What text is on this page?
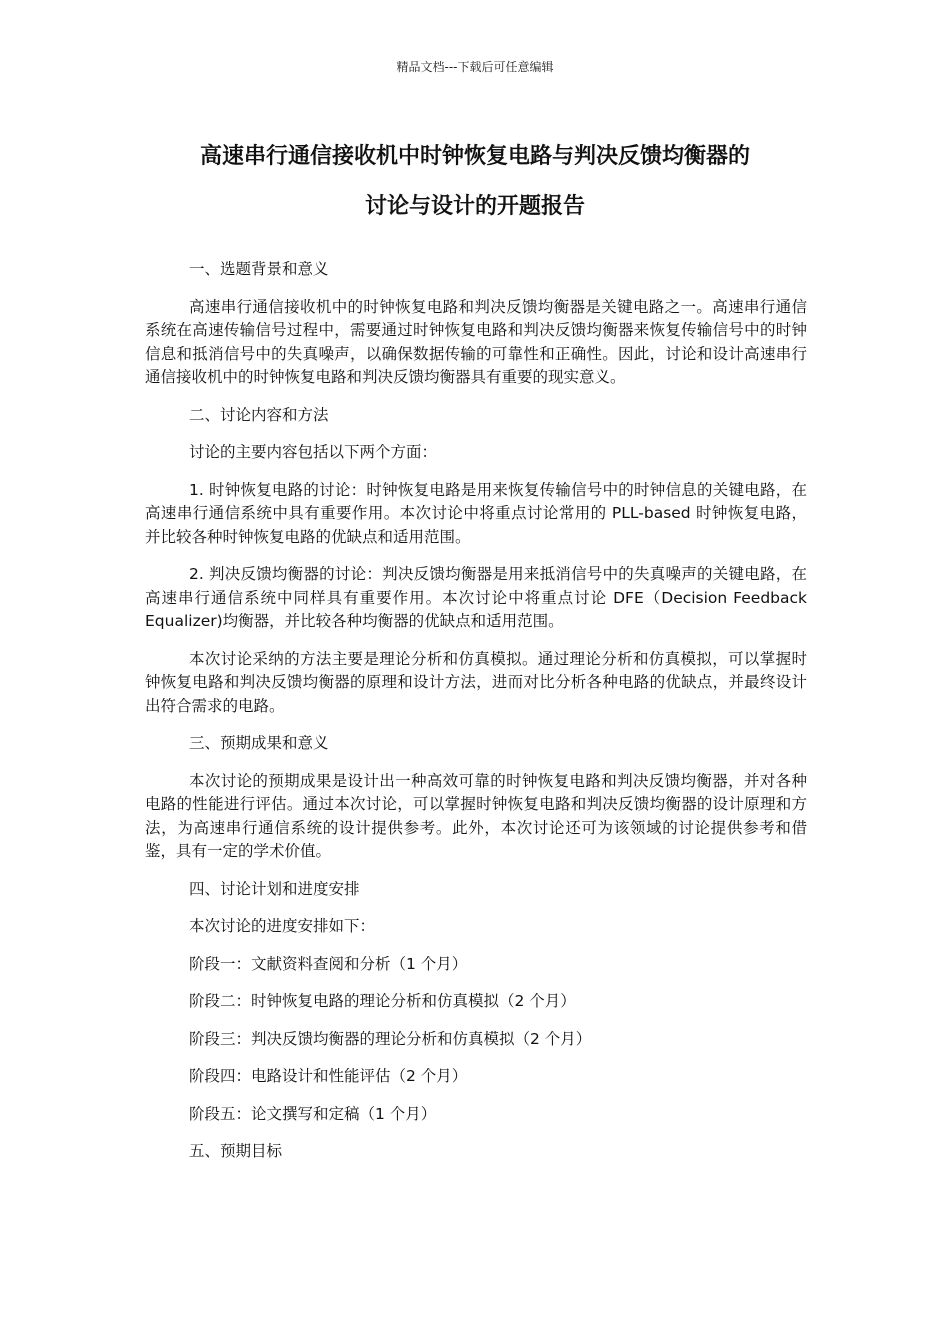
精品文档---下载后可任意编辑
高速串行通信接收机中时钟恢复电路与判决反馈均衡器的
讨论与设计的开题报告

一、选题背景和意义

高速串行通信接收机中的时钟恢复电路和判决反馈均衡器是关键电路之一。高速串行通信系统在高速传输信号过程中，需要通过时钟恢复电路和判决反馈均衡器来恢复传输信号中的时钟信息和抵消信号中的失真噪声，以确保数据传输的可靠性和正确性。因此，讨论和设计高速串行通信接收机中的时钟恢复电路和判决反馈均衡器具有重要的现实意义。

二、讨论内容和方法

讨论的主要内容包括以下两个方面：

1. 时钟恢复电路的讨论：时钟恢复电路是用来恢复传输信号中的时钟信息的关键电路，在高速串行通信系统中具有重要作用。本次讨论中将重点讨论常用的 PLL-based 时钟恢复电路，并比较各种时钟恢复电路的优缺点和适用范围。

2. 判决反馈均衡器的讨论：判决反馈均衡器是用来抵消信号中的失真噪声的关键电路，在高速串行通信系统中同样具有重要作用。本次讨论中将重点讨论 DFE（Decision Feedback Equalizer)均衡器，并比较各种均衡器的优缺点和适用范围。

本次讨论采纳的方法主要是理论分析和仿真模拟。通过理论分析和仿真模拟，可以掌握时钟恢复电路和判决反馈均衡器的原理和设计方法，进而对比分析各种电路的优缺点，并最终设计出符合需求的电路。

三、预期成果和意义

本次讨论的预期成果是设计出一种高效可靠的时钟恢复电路和判决反馈均衡器，并对各种电路的性能进行评估。通过本次讨论，可以掌握时钟恢复电路和判决反馈均衡器的设计原理和方法，为高速串行通信系统的设计提供参考。此外，本次讨论还可为该领域的讨论提供参考和借鉴，具有一定的学术价值。

四、讨论计划和进度安排

本次讨论的进度安排如下：

阶段一：文献资料查阅和分析（1 个月）

阶段二：时钟恢复电路的理论分析和仿真模拟（2 个月）

阶段三：判决反馈均衡器的理论分析和仿真模拟（2 个月）

阶段四：电路设计和性能评估（2 个月）

阶段五：论文撰写和定稿（1 个月）

五、预期目标
